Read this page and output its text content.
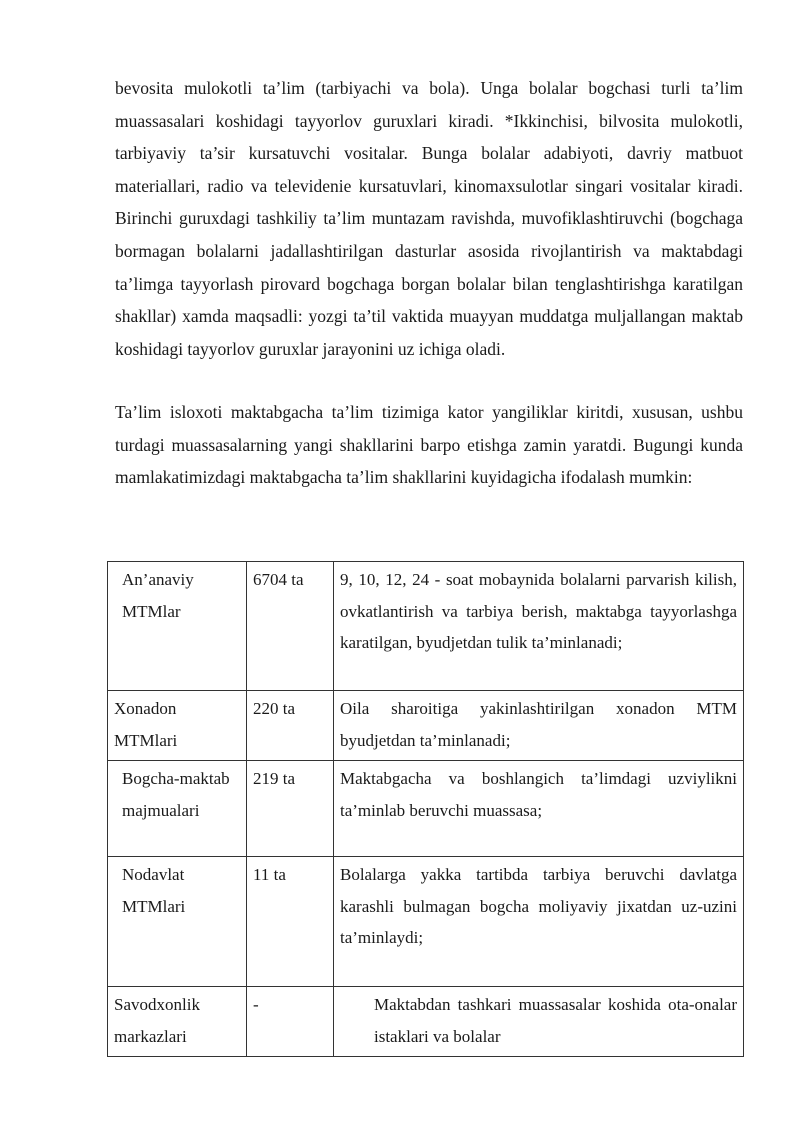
bevosita mulokotli ta’lim (tarbiyachi va bola). Unga bolalar bogchasi turli ta’lim muassasalari koshidagi tayyorlov guruxlari kiradi. *Ikkinchisi, bilvosita mulokotli, tarbiyaviy ta’sir kursatuvchi vositalar. Bunga bolalar adabiyoti, davriy matbuot materiallari, radio va televidenie kursatuvlari, kinomaxsulotlar singari vositalar kiradi. Birinchi guruxdagi tashkiliy ta’lim muntazam ravishda, muvofiklashtiruvchi (bogchaga bormagan bolalarni jadallashtirilgan dasturlar asosida rivojlantirish va maktabdagi ta’limga tayyorlash pirovard bogchaga borgan bolalar bilan tenglashtirishga karatilgan shakllar) xamda maqsadli: yozgi ta’til vaktida muayyan muddatga muljallangan maktab koshidagi tayyorlov guruxlar jarayonini uz ichiga oladi.

Ta’lim isloxoti maktabgacha ta’lim tizimiga kator yangiliklar kiritdi, xususan, ushbu turdagi muassasalarning yangi shakllarini barpo etishga zamin yaratdi. Bugungi kunda mamlakatimizdagi maktabgacha ta’lim shakllarini kuyidagicha ifodalash mumkin:

An’anaviy MTMlar	6704 ta	9, 10, 12, 24 - soat mobaynida bolalarni parvarish kilish, ovkatlantirish va tarbiya berish, maktabga tayyorlashga karatilgan, byudjetdan tulik ta’minlanadi;
Xonadon MTMlari	220 ta	Oila sharoitiga yakinlashtirilgan xonadon MTM byudjetdan ta’minlanadi;
Bogcha-maktab majmualari	219 ta	Maktabgacha va boshlangich ta’limdagi uzviylikni ta’minlab beruvchi muassasa;
Nodavlat MTMlari	11 ta	Bolalarga yakka tartibda tarbiya beruvchi davlatga karashli bulmagan bogcha moliyaviy jixatdan uz-uzini ta’minlaydi;
Savodxonlik markazlari	-	Maktabdan tashkari muassasalar koshida ota-onalar istaklari va bolalar
